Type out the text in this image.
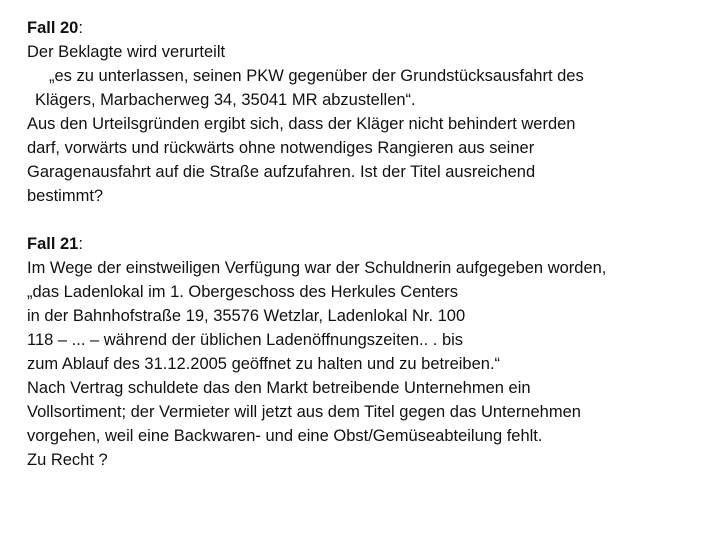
Fall 20:
Der Beklagte wird verurteilt
„es zu unterlassen, seinen PKW gegenüber der Grundstücksausfahrt des
Klägers, Marbacherweg 34, 35041 MR abzustellen“.
Aus den Urteilsgründen ergibt sich, dass der Kläger nicht behindert werden
darf, vorwärts und rückwärts ohne notwendiges Rangieren aus seiner
Garagenausfahrt auf die Straße aufzufahren. Ist der Titel ausreichend
bestimmt?
Fall 21:
Im Wege der einstweiligen Verfügung war der Schuldnerin aufgegeben worden,
„das Ladenlokal im 1. Obergeschoss des Herkules Centers
in der Bahnhofstraße 19, 35576 Wetzlar, Ladenlokal Nr. 100
118 – ... – während der üblichen Ladenöffnungszeiten.. . bis
zum Ablauf des 31.12.2005 geöffnet zu halten und zu betreiben.“
Nach Vertrag schuldete das den Markt betreibende Unternehmen ein
Vollsortiment; der Vermieter will jetzt aus dem Titel gegen das Unternehmen
vorgehen, weil eine Backwaren- und eine Obst/Gemüseabteilung fehlt.
Zu Recht ?
